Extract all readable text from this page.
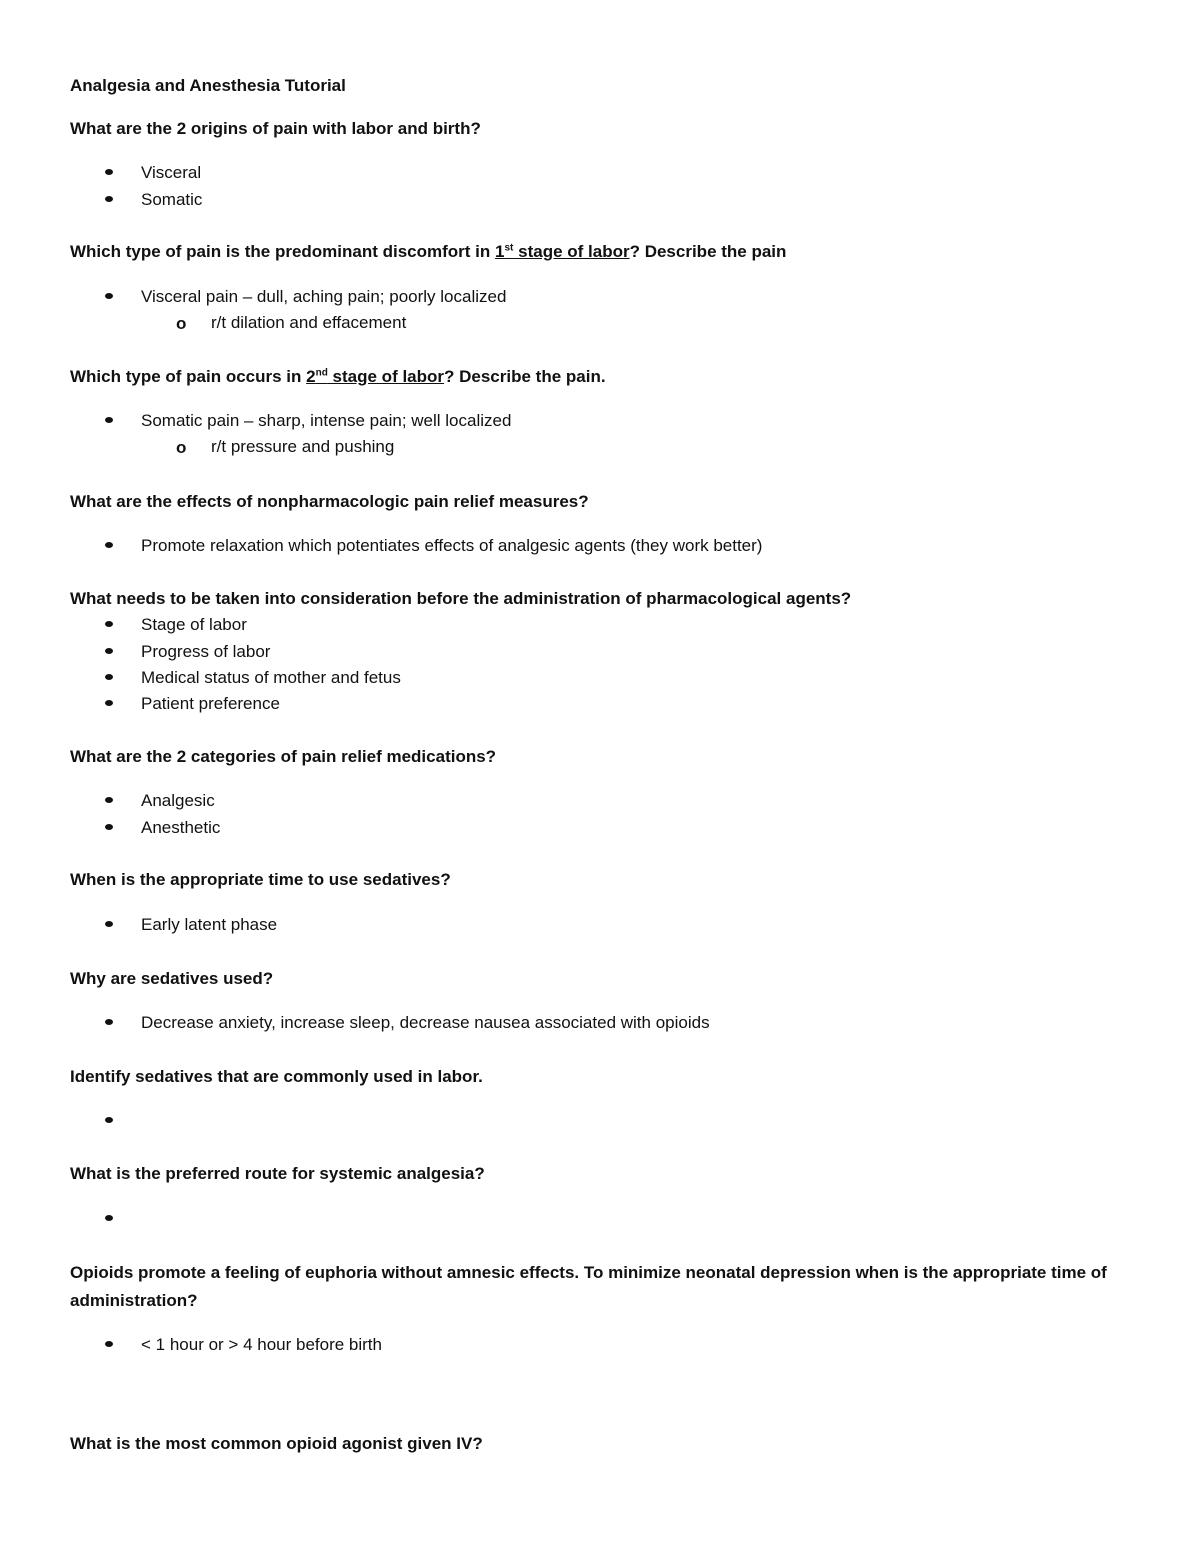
Analgesia and Anesthesia Tutorial
What are the 2 origins of pain with labor and birth?
Visceral
Somatic
Which type of pain is the predominant discomfort in 1st stage of labor? Describe the pain
Visceral pain – dull, aching pain; poorly localized
o r/t dilation and effacement
Which type of pain occurs in 2nd stage of labor? Describe the pain.
Somatic pain – sharp, intense pain; well localized
o r/t pressure and pushing
What are the effects of nonpharmacologic pain relief measures?
Promote relaxation which potentiates effects of analgesic agents (they work better)
What needs to be taken into consideration before the administration of pharmacological agents?
Stage of labor
Progress of labor
Medical status of mother and fetus
Patient preference
What are the 2 categories of pain relief medications?
Analgesic
Anesthetic
When is the appropriate time to use sedatives?
Early latent phase
Why are sedatives used?
Decrease anxiety, increase sleep, decrease nausea associated with opioids
Identify sedatives that are commonly used in labor.
What is the preferred route for systemic analgesia?
Opioids promote a feeling of euphoria without amnesic effects. To minimize neonatal depression when is the appropriate time of administration?
< 1 hour or > 4 hour before birth
What is the most common opioid agonist given IV?
